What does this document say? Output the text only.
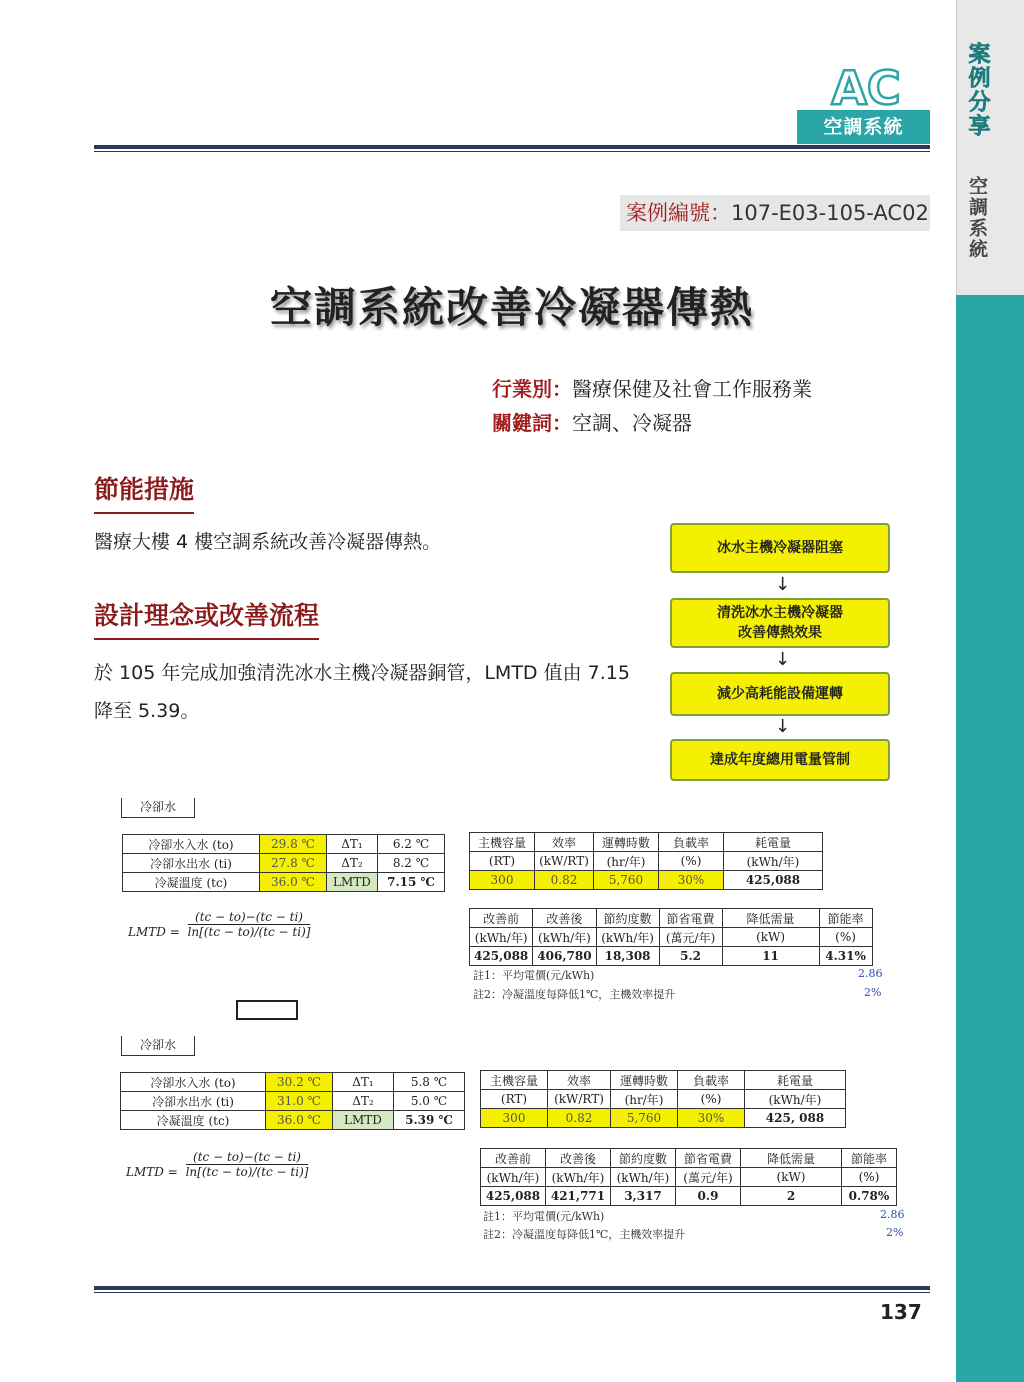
案例分享
空調系統
AC
空調系統
案例編號：107-E03-105-AC02
空調系統改善冷凝器傳熱
行業別：醫療保健及社會工作服務業
關鍵詞：空調、冷凝器
節能措施
醫療大樓 4 樓空調系統改善冷凝器傳熱。
設計理念或改善流程
於 105 年完成加強清洗冰水主機冷凝器銅管，LMTD 值由 7.15 降至 5.39。
冰水主機冷凝器阻塞
↓
清洗冰水主機冷凝器
改善傳熱效果
↓
減少高耗能設備運轉
↓
達成年度總用電量管制
冷卻水
冷卻水入水 (to)	29.8 ℃	ΔT₁	6.2 ℃
冷卻水出水 (ti)	27.8 ℃	ΔT₂	8.2 ℃
冷凝溫度 (tc)	36.0 ℃	LMTD	7.15 ℃
LMTD = $\frac{(tc - to)-(tc - ti)}{\ln[(tc - to)/(tc - ti)]}$
主機容量	效率	運轉時數	負載率	耗電量
(RT)	(kW/RT)	(hr/年)	(%)	(kWh/年)
300	0.82	5,760	30%	425,088
改善前	改善後	節約度數	節省電費	降低需量	節能率
(kWh/年)	(kWh/年)	(kWh/年)	(萬元/年)	(kW)	(%)
425,088	406,780	18,308	5.2	11	4.31%
註1：平均電價(元/kWh)	2.86
註2：冷凝溫度每降低1℃，主機效率提升	2%
冷卻水
冷卻水入水 (to)	30.2 ℃	ΔT₁	5.8 ℃
冷卻水出水 (ti)	31.0 ℃	ΔT₂	5.0 ℃
冷凝溫度 (tc)	36.0 ℃	LMTD	5.39 ℃
LMTD = $\frac{(tc - to)-(tc - ti)}{\ln[(tc - to)/(tc - ti)]}$
主機容量	效率	運轉時數	負載率	耗電量
(RT)	(kW/RT)	(hr/年)	(%)	(kWh/年)
300	0.82	5,760	30%	425, 088
改善前	改善後	節約度數	節省電費	降低需量	節能率
(kWh/年)	(kWh/年)	(kWh/年)	(萬元/年)	(kW)	(%)
425,088	421,771	3,317	0.9	2	0.78%
註1：平均電價(元/kWh)	2.86
註2：冷凝溫度每降低1℃，主機效率提升	2%
137
